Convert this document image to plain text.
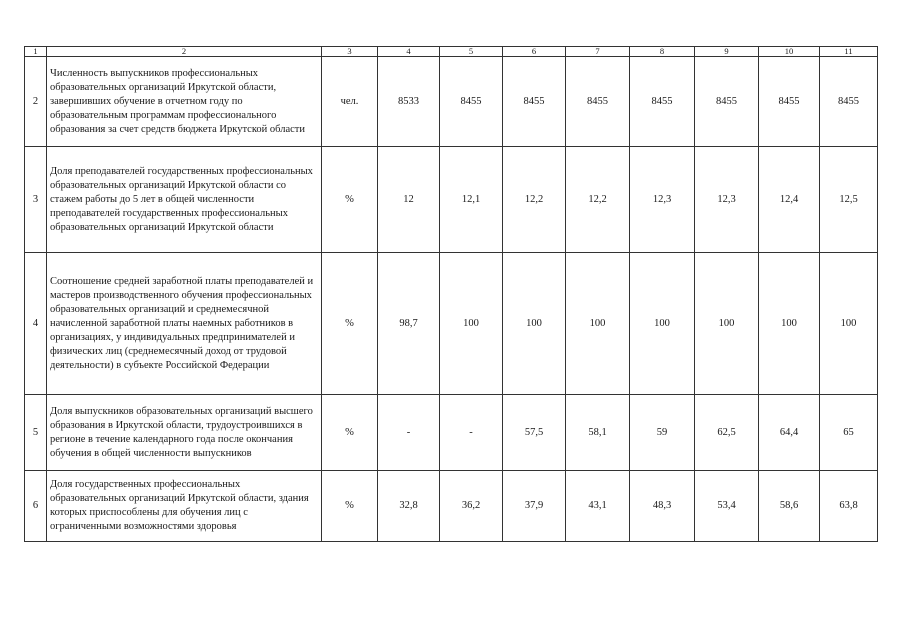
1	2	3	4	5	6	7	8	9	10	11
2	Численность выпускников профессиональных образовательных организаций Иркутской области, завершивших обучение в отчетном году по образовательным программам профессионального образования за счет средств бюджета Иркутской области	чел.	8533	8455	8455	8455	8455	8455	8455	8455
3	Доля преподавателей государственных профессиональных образовательных организаций Иркутской области со стажем работы до 5 лет в общей численности преподавателей государственных профессиональных образовательных организаций Иркутской области	%	12	12,1	12,2	12,2	12,3	12,3	12,4	12,5
4	Соотношение средней заработной платы преподавателей и мастеров производственного обучения профессиональных образовательных организаций и среднемесячной начисленной заработной платы наемных работников в организациях, у индивидуальных предпринимателей и физических лиц (среднемесячный доход от трудовой деятельности) в субъекте Российской Федерации	%	98,7	100	100	100	100	100	100	100
5	Доля выпускников образовательных организаций высшего образования в Иркутской области, трудоустроившихся в регионе в течение календарного года после окончания обучения в общей численности выпускников	%	-	-	57,5	58,1	59	62,5	64,4	65
6	Доля государственных профессиональных образовательных организаций Иркутской области, здания которых приспособлены для обучения лиц с ограниченными возможностями здоровья	%	32,8	36,2	37,9	43,1	48,3	53,4	58,6	63,8
